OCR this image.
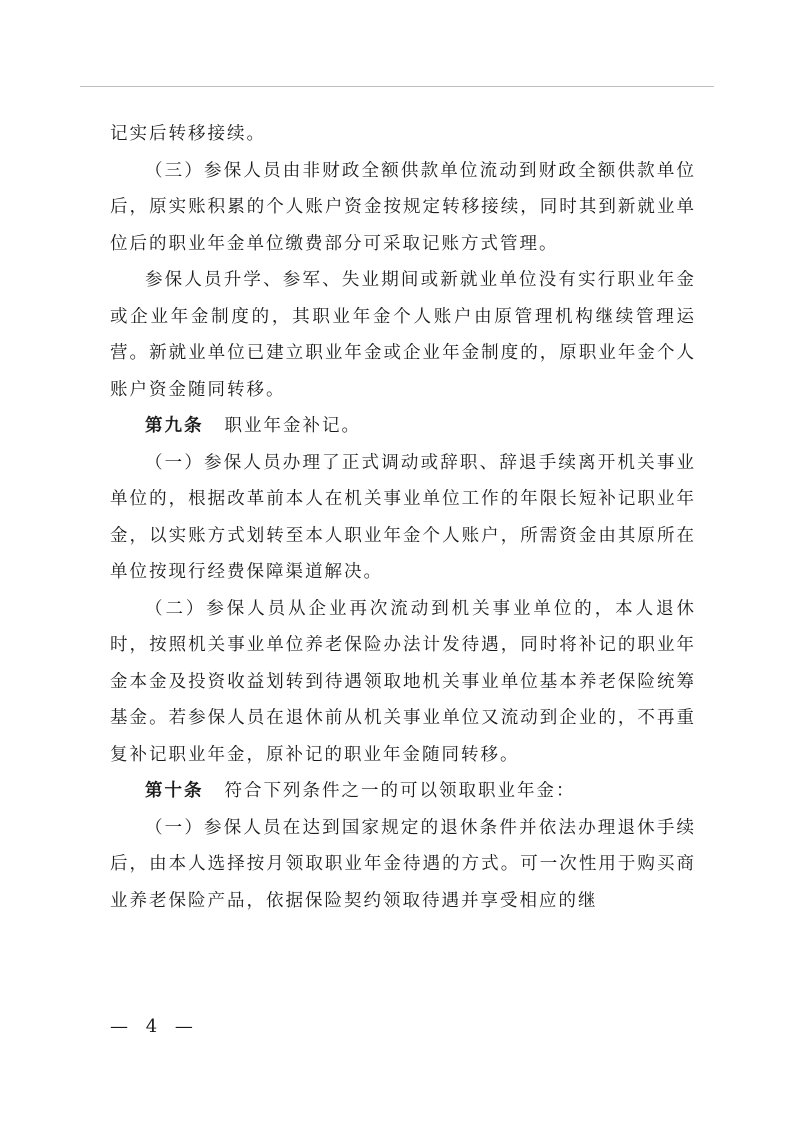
记实后转移接续。

（三）参保人员由非财政全额供款单位流动到财政全额供款单位后，原实账积累的个人账户资金按规定转移接续，同时其到新就业单位后的职业年金单位缴费部分可采取记账方式管理。

参保人员升学、参军、失业期间或新就业单位没有实行职业年金或企业年金制度的，其职业年金个人账户由原管理机构继续管理运营。新就业单位已建立职业年金或企业年金制度的，原职业年金个人账户资金随同转移。

第九条 职业年金补记。

（一）参保人员办理了正式调动或辞职、辞退手续离开机关事业单位的，根据改革前本人在机关事业单位工作的年限长短补记职业年金，以实账方式划转至本人职业年金个人账户，所需资金由其原所在单位按现行经费保障渠道解决。

（二）参保人员从企业再次流动到机关事业单位的，本人退休时，按照机关事业单位养老保险办法计发待遇，同时将补记的职业年金本金及投资收益划转到待遇领取地机关事业单位基本养老保险统筹基金。若参保人员在退休前从机关事业单位又流动到企业的，不再重复补记职业年金，原补记的职业年金随同转移。

第十条 符合下列条件之一的可以领取职业年金：

（一）参保人员在达到国家规定的退休条件并依法办理退休手续后，由本人选择按月领取职业年金待遇的方式。可一次性用于购买商业养老保险产品，依据保险契约领取待遇并享受相应的继

— 4 —
